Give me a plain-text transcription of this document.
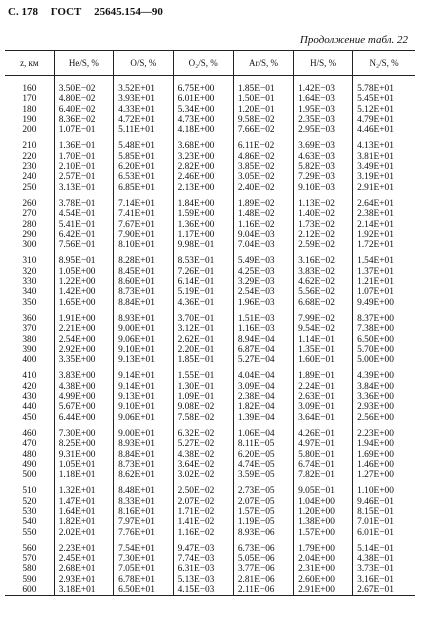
С. 178 ГОСТ 25645.154—90
Продолжение табл. 22
z, км	He/S, %	O/S, %	O₂/S, %	Ar/S, %	H/S, %	N₂/S, %
160	3.50E−02	3.52E+01	6.75E+00	1.85E−01	1.42E−03	5.78E+01
170	4.80E−02	3.93E+01	6.01E+00	1.50E−01	1.64E−03	5.45E+01
180	6.40E−02	4.33E+01	5.34E+00	1.20E−01	1.95E−03	5.12E+01
190	8.36E−02	4.72E+01	4.73E+00	9.58E−02	2.35E−03	4.79E+01
200	1.07E−01	5.11E+01	4.18E+00	7.66E−02	2.95E−03	4.46E+01
210	1.36E−01	5.48E+01	3.68E+00	6.11E−02	3.69E−03	4.13E+01
220	1.70E−01	5.85E+01	3.23E+00	4.86E−02	4.63E−03	3.81E+01
230	2.10E−01	6.20E+01	2.82E+00	3.85E−02	5.82E−03	3.49E+01
240	2.57E−01	6.53E+01	2.46E+00	3.05E−02	7.29E−03	3.19E+01
250	3.13E−01	6.85E+01	2.13E+00	2.40E−02	9.10E−03	2.91E+01
260	3.78E−01	7.14E+01	1.84E+00	1.89E−02	1.13E−02	2.64E+01
270	4.54E−01	7.41E+01	1.59E+00	1.48E−02	1.40E−02	2.38E+01
280	5.41E−01	7.67E+01	1.36E+00	1.16E−02	1.73E−02	2.14E+01
290	6.42E−01	7.90E+01	1.17E+00	9.04E−03	2.12E−02	1.92E+01
300	7.56E−01	8.10E+01	9.98E−01	7.04E−03	2.59E−02	1.72E+01
310	8.95E−01	8.28E+01	8.53E−01	5.49E−03	3.16E−02	1.54E+01
320	1.05E+00	8.45E+01	7.26E−01	4.25E−03	3.83E−02	1.37E+01
330	1.22E+00	8.60E+01	6.14E−01	3.29E−03	4.62E−02	1.21E+01
340	1.42E+00	8.73E+01	5.19E−01	2.54E−03	5.56E−02	1.07E+01
350	1.65E+00	8.84E+01	4.36E−01	1.96E−03	6.68E−02	9.49E+00
360	1.91E+00	8.93E+01	3.70E−01	1.51E−03	7.99E−02	8.37E+00
370	2.21E+00	9.00E+01	3.12E−01	1.16E−03	9.54E−02	7.38E+00
380	2.54E+00	9.06E+01	2.62E−01	8.94E−04	1.14E−01	6.50E+00
390	2.92E+00	9.10E+01	2.20E−01	6.87E−04	1.35E−01	5.70E+00
400	3.35E+00	9.13E+01	1.85E−01	5.27E−04	1.60E−01	5.00E+00
410	3.83E+00	9.14E+01	1.55E−01	4.04E−04	1.89E−01	4.39E+00
420	4.38E+00	9.14E+01	1.30E−01	3.09E−04	2.24E−01	3.84E+00
430	4.99E+00	9.13E+01	1.09E−01	2.38E−04	2.63E−01	3.36E+00
440	5.67E+00	9.10E+01	9.08E−02	1.82E−04	3.09E−01	2.93E+00
450	6.44E+00	9.06E+01	7.58E−02	1.39E−04	3.64E−01	2.56E+00
460	7.30E+00	9.00E+01	6.32E−02	1.06E−04	4.26E−01	2.23E+00
470	8.25E+00	8.93E+01	5.27E−02	8.11E−05	4.97E−01	1.94E+00
480	9.31E+00	8.84E+01	4.38E−02	6.20E−05	5.80E−01	1.69E+00
490	1.05E+01	8.73E+01	3.64E−02	4.74E−05	6.74E−01	1.46E+00
500	1.18E+01	8.62E+01	3.02E−02	3.59E−05	7.82E−01	1.27E+00
510	1.32E+01	8.48E+01	2.50E−02	2.73E−05	9.05E−01	1.10E+00
520	1.47E+01	8.33E+01	2.07E−02	2.07E−05	1.04E+00	9.46E−01
530	1.64E+01	8.16E+01	1.71E−02	1.57E−05	1.20E+00	8.15E−01
540	1.82E+01	7.97E+01	1.41E−02	1.19E−05	1.38E+00	7.01E−01
550	2.02E+01	7.76E+01	1.16E−02	8.93E−06	1.57E+00	6.01E−01
560	2.23E+01	7.54E+01	9.47E−03	6.73E−06	1.79E+00	5.14E−01
570	2.45E+01	7.30E+01	7.74E−03	5.05E−06	2.04E+00	4.38E−01
580	2.68E+01	7.05E+01	6.31E−03	3.77E−06	2.31E+00	3.73E−01
590	2.93E+01	6.78E+01	5.13E−03	2.81E−06	2.60E+00	3.16E−01
600	3.18E+01	6.50E+01	4.15E−03	2.11E−06	2.91E+00	2.67E−01
